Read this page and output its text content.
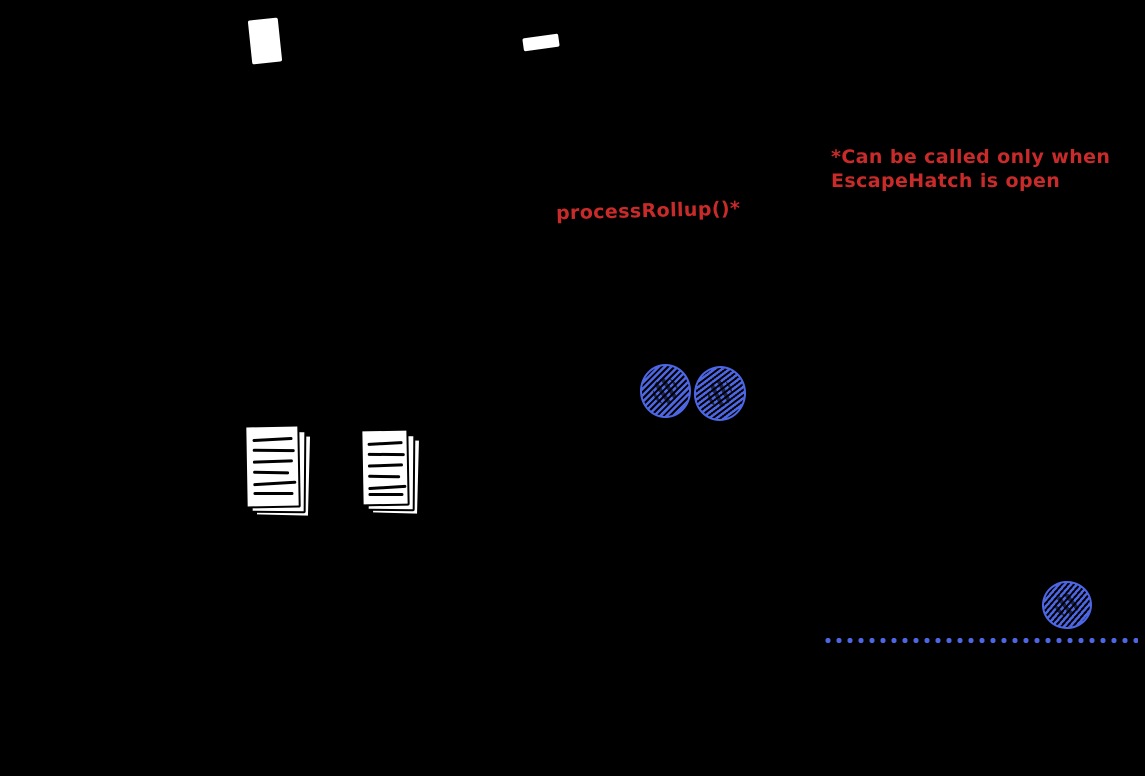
processRollup()*
*Can be called only when
EscapeHatch is open
